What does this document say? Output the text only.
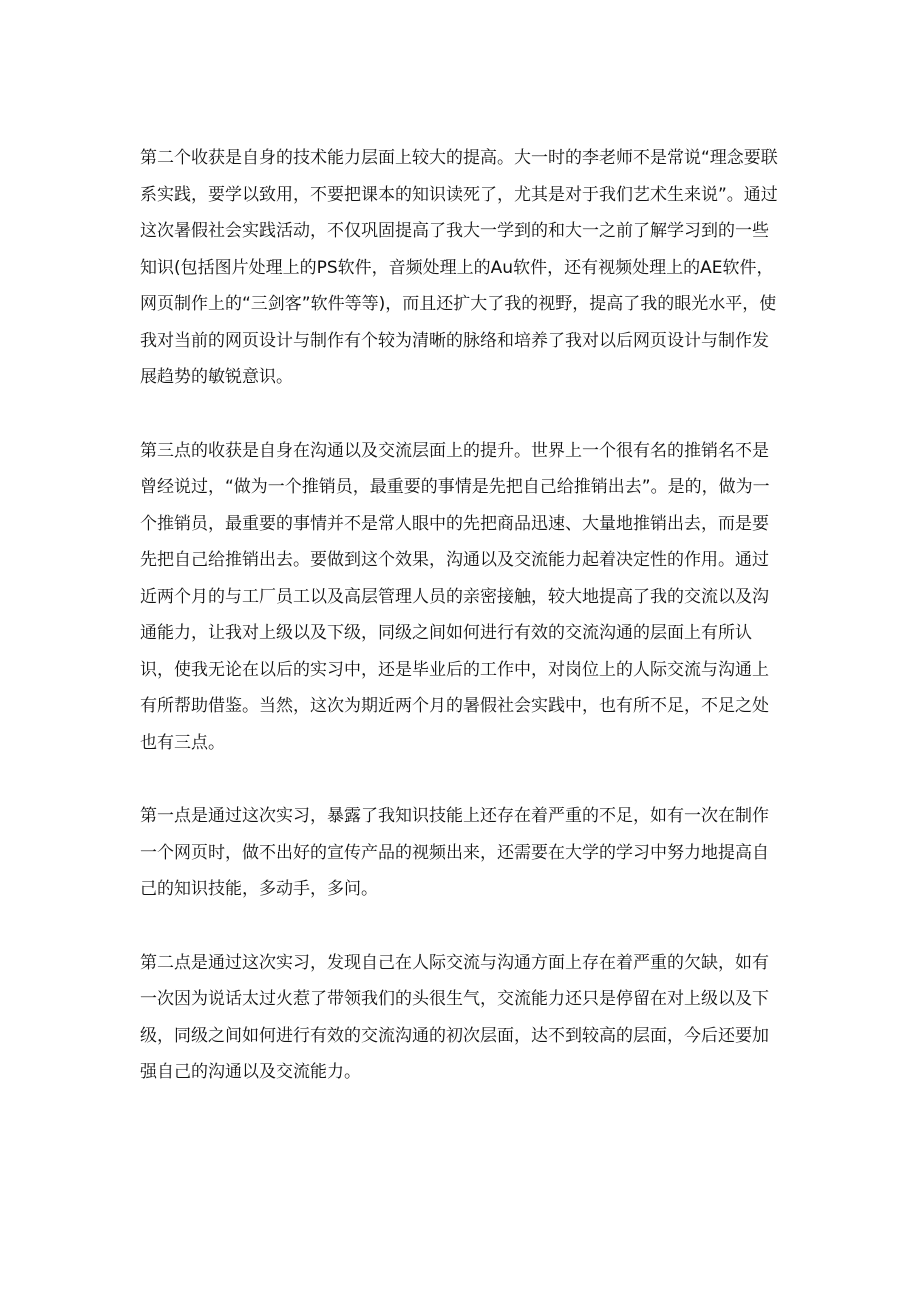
第二个收获是自身的技术能力层面上较大的提高。大一时的李老师不是常说“理念要联系实践，要学以致用，不要把课本的知识读死了，尤其是对于我们艺术生来说”。通过这次暑假社会实践活动，不仅巩固提高了我大一学到的和大一之前了解学习到的一些知识(包括图片处理上的PS软件，音频处理上的Au软件，还有视频处理上的AE软件，网页制作上的“三剑客”软件等等)，而且还扩大了我的视野，提高了我的眼光水平，使我对当前的网页设计与制作有个较为清晰的脉络和培养了我对以后网页设计与制作发展趋势的敏锐意识。

第三点的收获是自身在沟通以及交流层面上的提升。世界上一个很有名的推销名不是曾经说过，“做为一个推销员，最重要的事情是先把自己给推销出去”。是的，做为一个推销员，最重要的事情并不是常人眼中的先把商品迅速、大量地推销出去，而是要先把自己给推销出去。要做到这个效果，沟通以及交流能力起着决定性的作用。通过近两个月的与工厂员工以及高层管理人员的亲密接触，较大地提高了我的交流以及沟通能力，让我对上级以及下级，同级之间如何进行有效的交流沟通的层面上有所认识，使我无论在以后的实习中，还是毕业后的工作中，对岗位上的人际交流与沟通上有所帮助借鉴。当然，这次为期近两个月的暑假社会实践中，也有所不足，不足之处也有三点。

第一点是通过这次实习，暴露了我知识技能上还存在着严重的不足，如有一次在制作一个网页时，做不出好的宣传产品的视频出来，还需要在大学的学习中努力地提高自己的知识技能，多动手，多问。

第二点是通过这次实习，发现自己在人际交流与沟通方面上存在着严重的欠缺，如有一次因为说话太过火惹了带领我们的头很生气，交流能力还只是停留在对上级以及下级，同级之间如何进行有效的交流沟通的初次层面，达不到较高的层面，今后还要加强自己的沟通以及交流能力。
